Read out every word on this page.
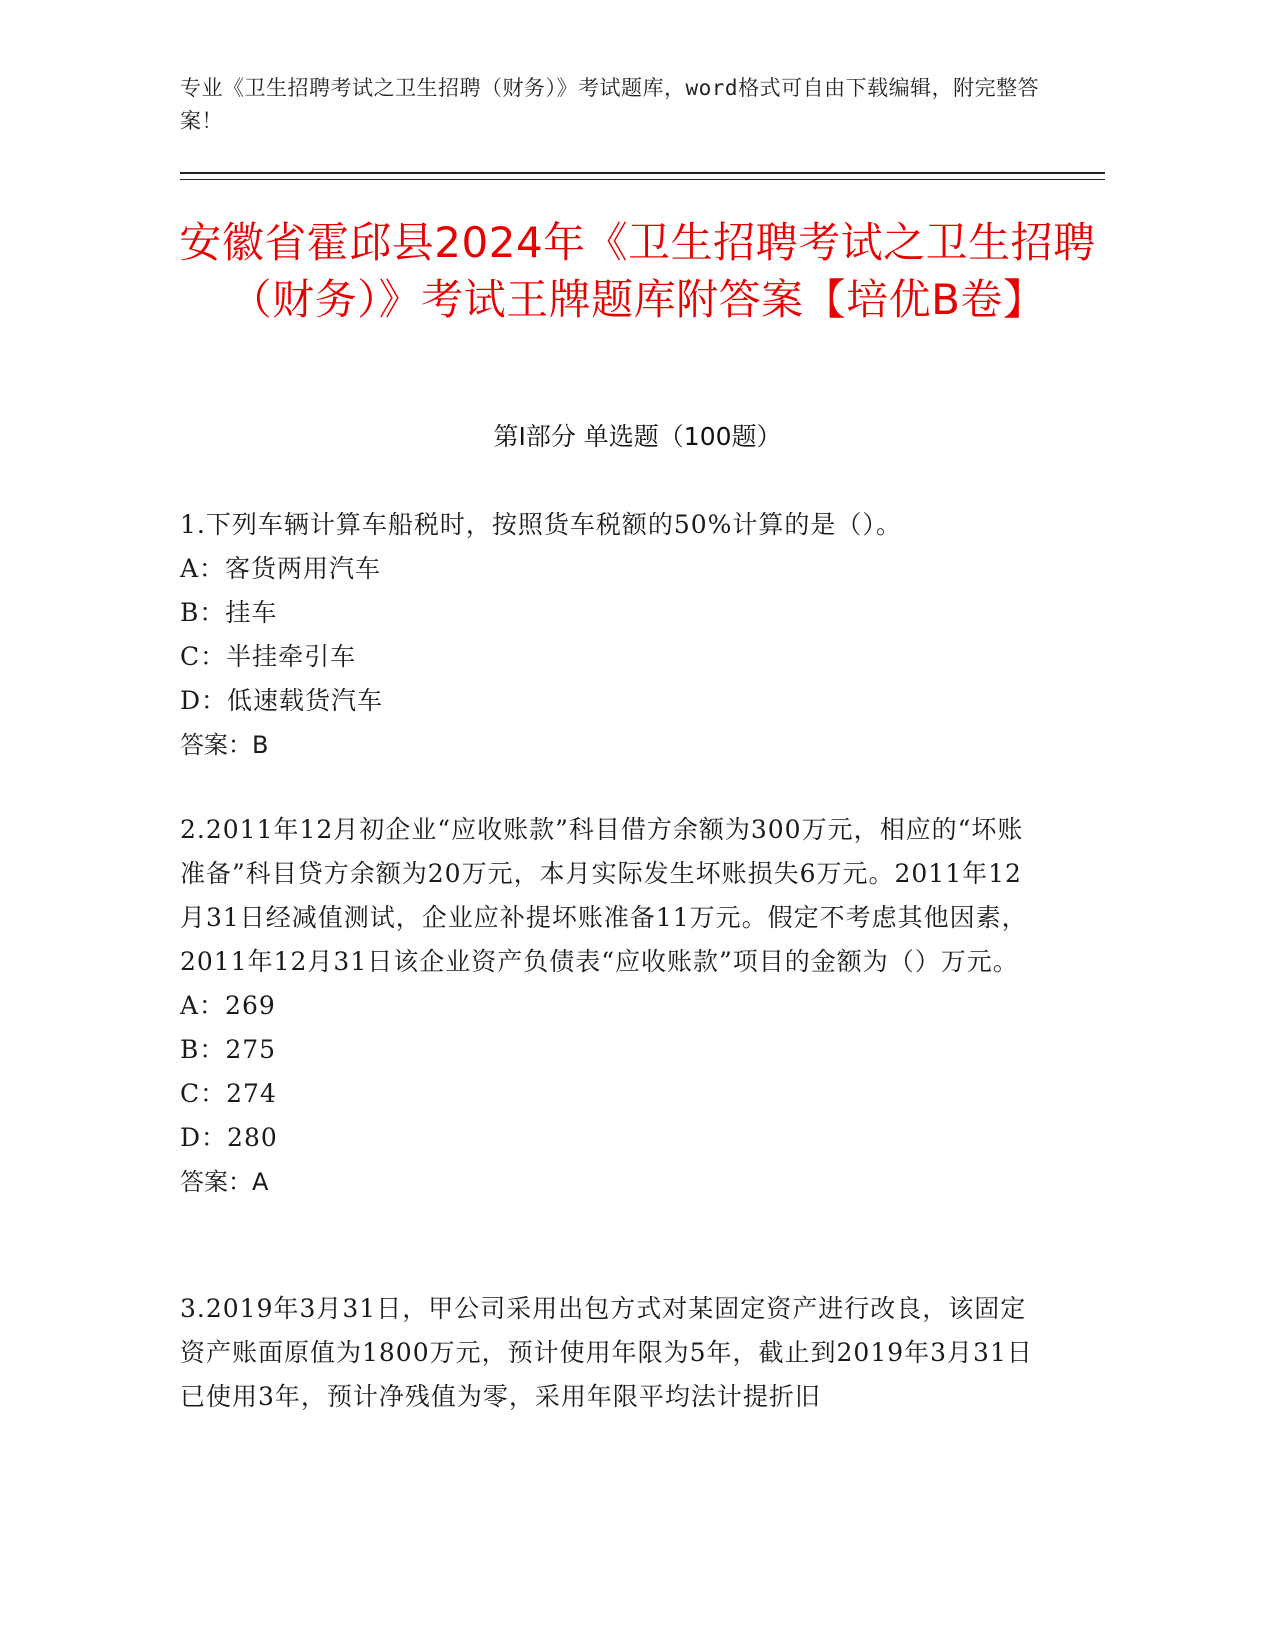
专业《卫生招聘考试之卫生招聘（财务）》考试题库，word格式可自由下载编辑，附完整答案！
安徽省霍邱县2024年《卫生招聘考试之卫生招聘（财务）》考试王牌题库附答案【培优B卷】
第Ⅰ部分 单选题（100题）
1.下列车辆计算车船税时，按照货车税额的50%计算的是（）。
A：客货两用汽车
B：挂车
C：半挂牵引车
D：低速载货汽车
答案：B
2.2011年12月初企业“应收账款”科目借方余额为300万元，相应的“坏账准备”科目贷方余额为20万元，本月实际发生坏账损失6万元。2011年12月31日经减值测试，企业应补提坏账准备11万元。假定不考虑其他因素，2011年12月31日该企业资产负债表“应收账款”项目的金额为（）万元。
A：269
B：275
C：274
D：280
答案：A
3.2019年3月31日，甲公司采用出包方式对某固定资产进行改良，该固定资产账面原值为1800万元，预计使用年限为5年，截止到2019年3月31日已使用3年，预计净残值为零，采用年限平均法计提折旧
